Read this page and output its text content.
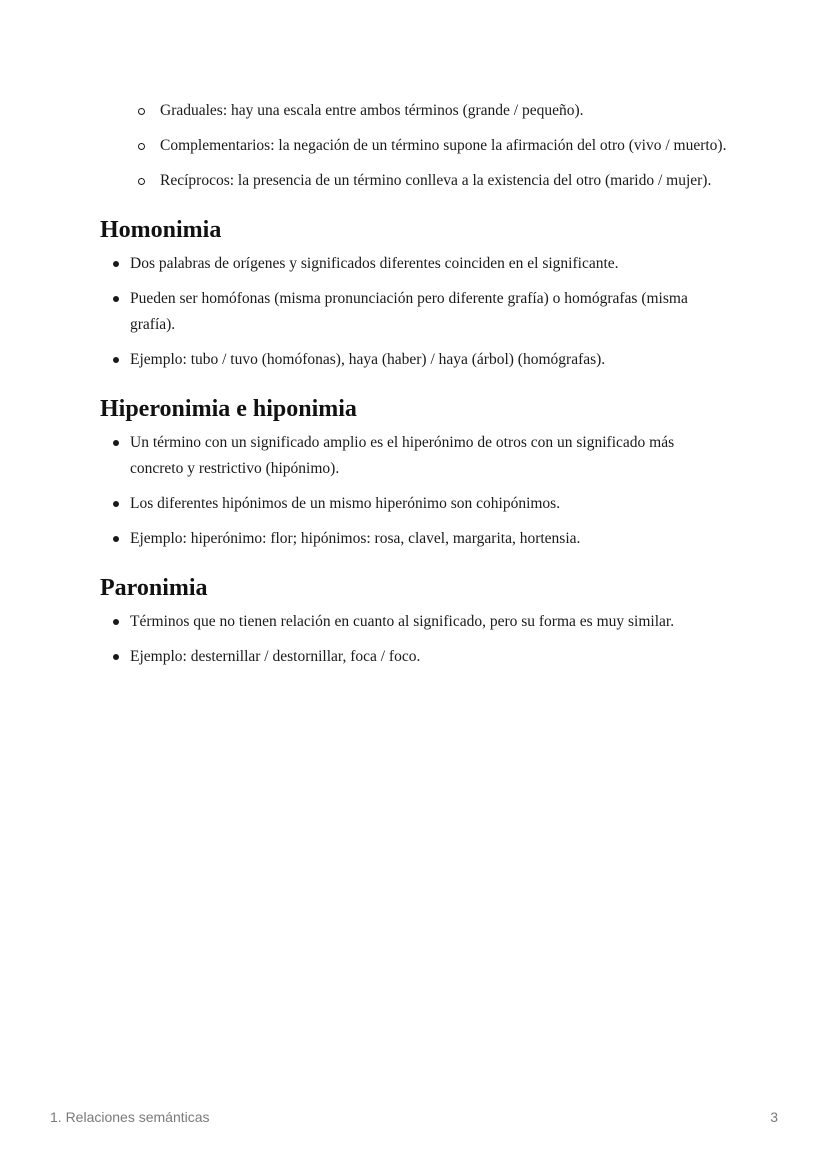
Graduales: hay una escala entre ambos términos (grande / pequeño).
Complementarios: la negación de un término supone la afirmación del otro (vivo / muerto).
Recíprocos: la presencia de un término conlleva a la existencia del otro (marido / mujer).
Homonimia
Dos palabras de orígenes y significados diferentes coinciden en el significante.
Pueden ser homófonas (misma pronunciación pero diferente grafía) o homógrafas (misma grafía).
Ejemplo: tubo / tuvo (homófonas), haya (haber) / haya (árbol) (homógrafas).
Hiperonimia e hiponimia
Un término con un significado amplio es el hiperónimo de otros con un significado más concreto y restrictivo (hipónimo).
Los diferentes hipónimos de un mismo hiperónimo son cohipónimos.
Ejemplo: hiperónimo: flor; hipónimos: rosa, clavel, margarita, hortensia.
Paronimia
Términos que no tienen relación en cuanto al significado, pero su forma es muy similar.
Ejemplo: desternillar / destornillar, foca / foco.
1. Relaciones semánticas	3
